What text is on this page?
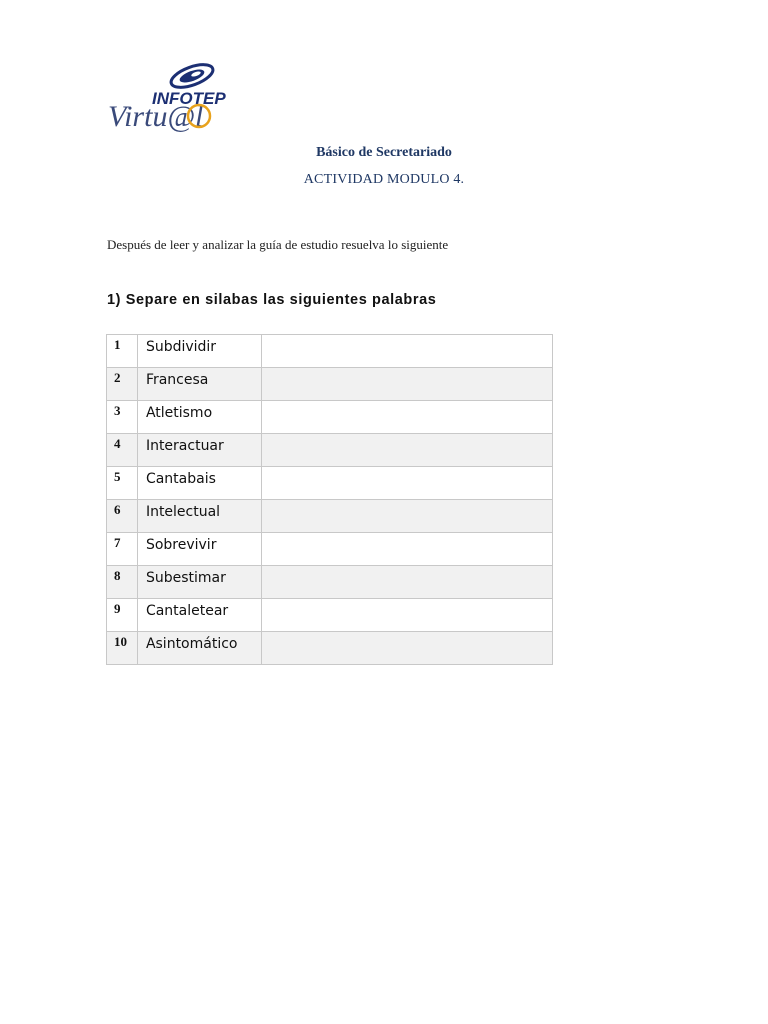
INFOTEP
Virtu@l
Básico de Secretariado
ACTIVIDAD MODULO 4.
Después de leer y analizar la guía de estudio resuelva lo siguiente
1) Separe en silabas las siguientes palabras
1	Subdividir	
2	Francesa	
3	Atletismo	
4	Interactuar	
5	Cantabais	
6	Intelectual	
7	Sobrevivir	
8	Subestimar	
9	Cantaletear	
10	Asintomático	
